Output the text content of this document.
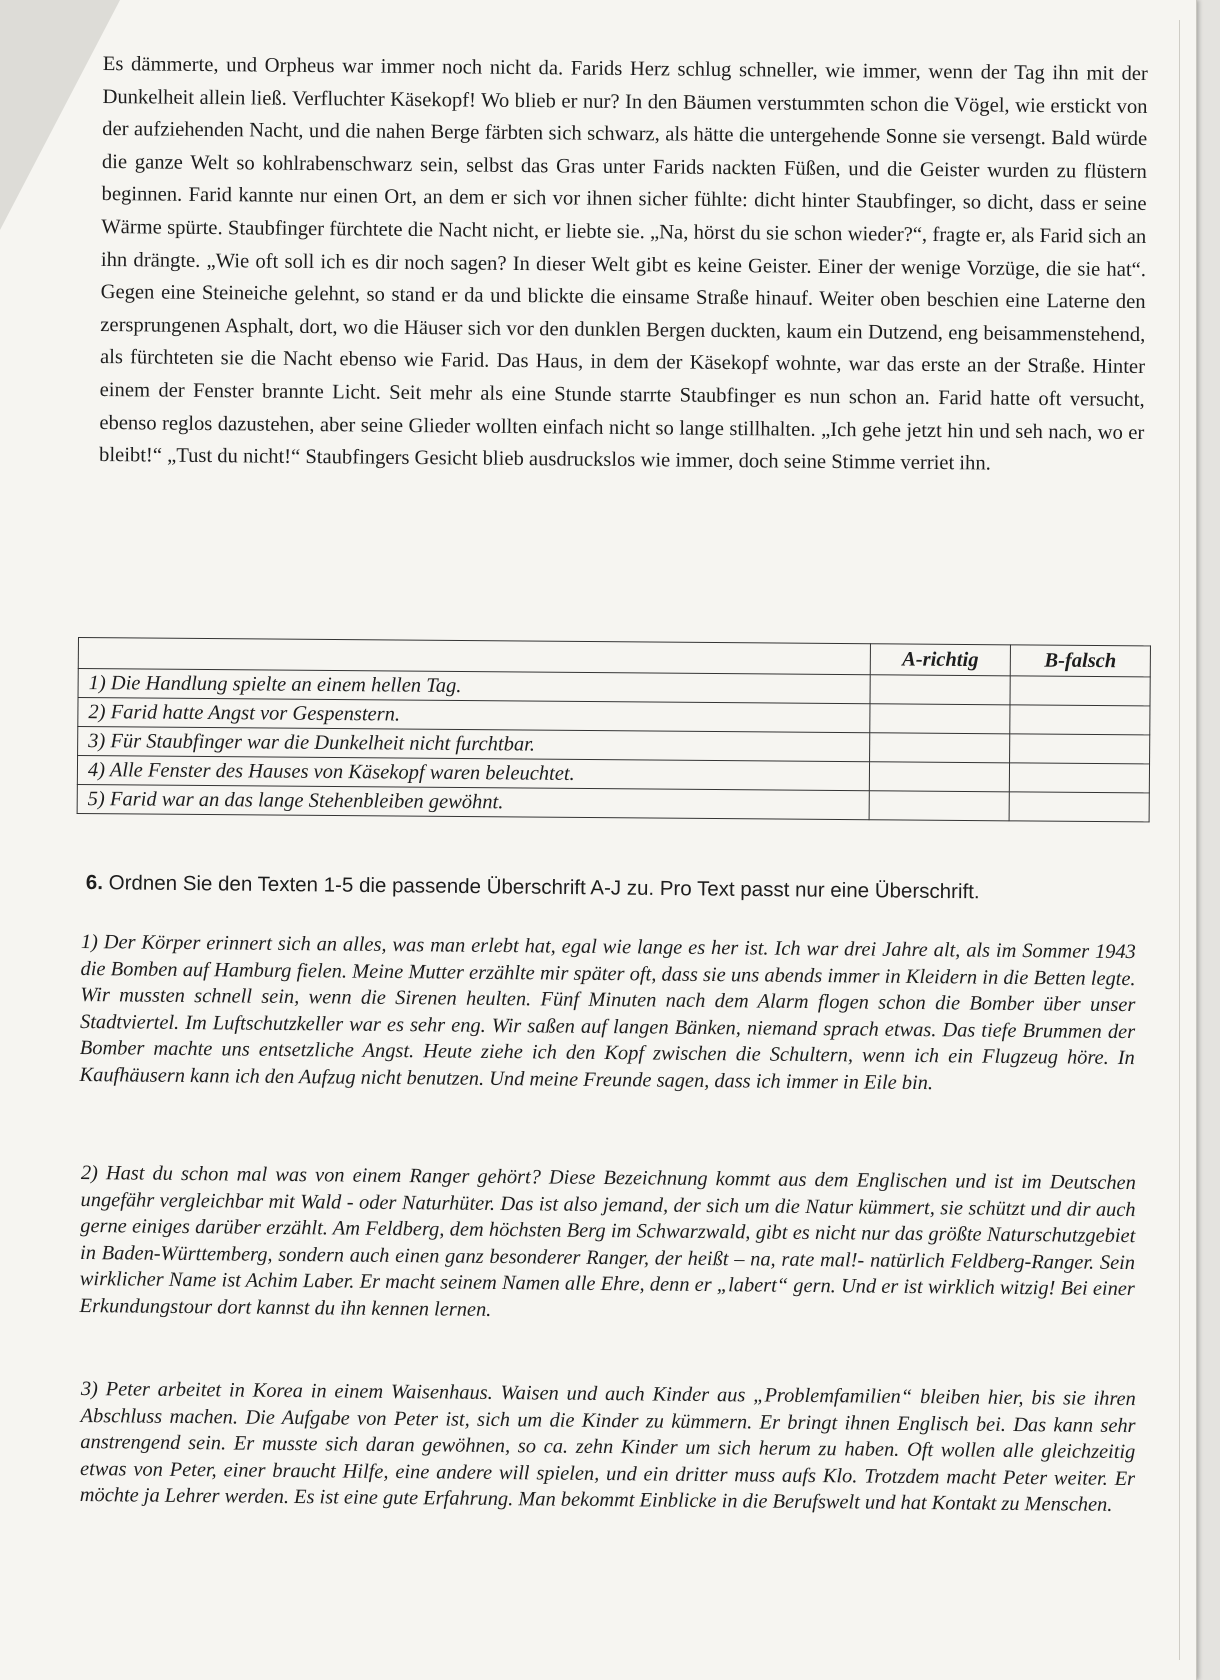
Es dämmerte, und Orpheus war immer noch nicht da. Farids Herz schlug schneller, wie immer, wenn der Tag ihn mit der Dunkelheit allein ließ. Verfluchter Käsekopf! Wo blieb er nur? In den Bäumen verstummten schon die Vögel, wie erstickt von der aufziehenden Nacht, und die nahen Berge färbten sich schwarz, als hätte die untergehende Sonne sie versengt. Bald würde die ganze Welt so kohlrabenschwarz sein, selbst das Gras unter Farids nackten Füßen, und die Geister wurden zu flüstern beginnen. Farid kannte nur einen Ort, an dem er sich vor ihnen sicher fühlte: dicht hinter Staubfinger, so dicht, dass er seine Wärme spürte. Staubfinger fürchtete die Nacht nicht, er liebte sie. „Na, hörst du sie schon wieder?“, fragte er, als Farid sich an ihn drängte. „Wie oft soll ich es dir noch sagen? In dieser Welt gibt es keine Geister. Einer der wenige Vorzüge, die sie hat“. Gegen eine Steineiche gelehnt, so stand er da und blickte die einsame Straße hinauf. Weiter oben beschien eine Laterne den zersprungenen Asphalt, dort, wo die Häuser sich vor den dunklen Bergen duckten, kaum ein Dutzend, eng beisammenstehend, als fürchteten sie die Nacht ebenso wie Farid. Das Haus, in dem der Käsekopf wohnte, war das erste an der Straße. Hinter einem der Fenster brannte Licht. Seit mehr als eine Stunde starrte Staubfinger es nun schon an. Farid hatte oft versucht, ebenso reglos dazustehen, aber seine Glieder wollten einfach nicht so lange stillhalten. „Ich gehe jetzt hin und seh nach, wo er bleibt!“ „Tust du nicht!“ Staubfingers Gesicht blieb ausdruckslos wie immer, doch seine Stimme verriet ihn.

	A-richtig	B-falsch
1) Die Handlung spielte an einem hellen Tag.		
2) Farid hatte Angst vor Gespenstern.		
3) Für Staubfinger war die Dunkelheit nicht furchtbar.		
4) Alle Fenster des Hauses von Käsekopf waren beleuchtet.		
5) Farid war an das lange Stehenbleiben gewöhnt.		

6. Ordnen Sie den Texten 1-5 die passende Überschrift A-J zu. Pro Text passt nur eine Überschrift.

1) Der Körper erinnert sich an alles, was man erlebt hat, egal wie lange es her ist. Ich war drei Jahre alt, als im Sommer 1943 die Bomben auf Hamburg fielen. Meine Mutter erzählte mir später oft, dass sie uns abends immer in Kleidern in die Betten legte. Wir mussten schnell sein, wenn die Sirenen heulten. Fünf Minuten nach dem Alarm flogen schon die Bomber über unser Stadtviertel. Im Luftschutzkeller war es sehr eng. Wir saßen auf langen Bänken, niemand sprach etwas. Das tiefe Brummen der Bomber machte uns entsetzliche Angst. Heute ziehe ich den Kopf zwischen die Schultern, wenn ich ein Flugzeug höre. In Kaufhäusern kann ich den Aufzug nicht benutzen. Und meine Freunde sagen, dass ich immer in Eile bin.

2) Hast du schon mal was von einem Ranger gehört? Diese Bezeichnung kommt aus dem Englischen und ist im Deutschen ungefähr vergleichbar mit Wald - oder Naturhüter. Das ist also jemand, der sich um die Natur kümmert, sie schützt und dir auch gerne einiges darüber erzählt. Am Feldberg, dem höchsten Berg im Schwarzwald, gibt es nicht nur das größte Naturschutzgebiet in Baden-Württemberg, sondern auch einen ganz besonderer Ranger, der heißt – na, rate mal!- natürlich Feldberg-Ranger. Sein wirklicher Name ist Achim Laber. Er macht seinem Namen alle Ehre, denn er „labert“ gern. Und er ist wirklich witzig! Bei einer Erkundungstour dort kannst du ihn kennen lernen.

3) Peter arbeitet in Korea in einem Waisenhaus. Waisen und auch Kinder aus „Problemfamilien“ bleiben hier, bis sie ihren Abschluss machen. Die Aufgabe von Peter ist, sich um die Kinder zu kümmern. Er bringt ihnen Englisch bei. Das kann sehr anstrengend sein. Er musste sich daran gewöhnen, so ca. zehn Kinder um sich herum zu haben. Oft wollen alle gleichzeitig etwas von Peter, einer braucht Hilfe, eine andere will spielen, und ein dritter muss aufs Klo. Trotzdem macht Peter weiter. Er möchte ja Lehrer werden. Es ist eine gute Erfahrung. Man bekommt Einblicke in die Berufswelt und hat Kontakt zu Menschen.
